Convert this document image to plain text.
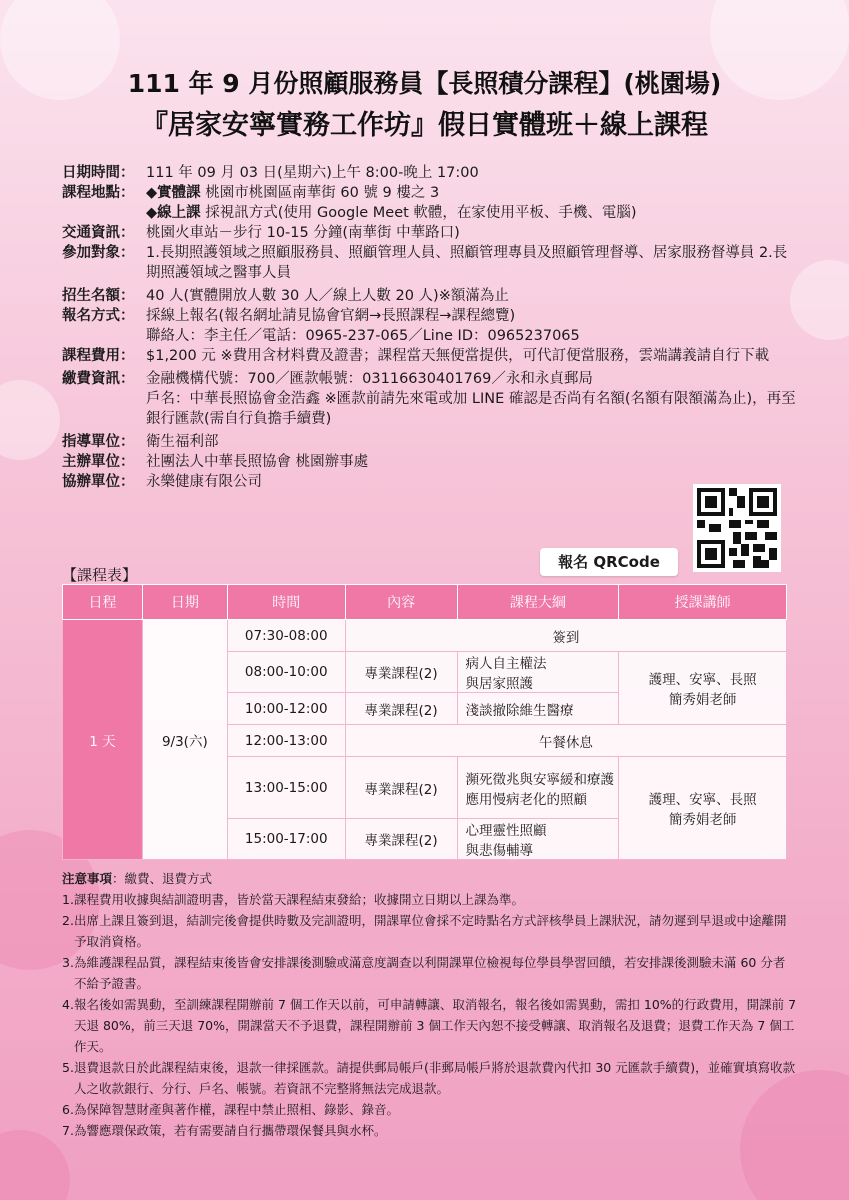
111 年 9 月份照顧服務員【長照積分課程】(桃園場)
『居家安寧實務工作坊』假日實體班＋線上課程
日期時間： 111 年 09 月 03 日(星期六)上午 8:00-晚上 17:00
課程地點： ◆實體課 桃園市桃園區南華街 60 號 9 樓之 3
◆線上課 採視訊方式(使用 Google Meet 軟體，在家使用平板、手機、電腦)
交通資訊： 桃園火車站－步行 10-15 分鐘(南華街 中華路口)
參加對象： 1.長期照護領域之照顧服務員、照顧管理人員、照顧管理專員及照顧管理督導、居家服務督導員 2.長期照護領域之醫事人員
招生名額： 40 人(實體開放人數 30 人／線上人數 20 人)※額滿為止
報名方式： 採線上報名(報名網址請見協會官網→長照課程→課程總覽)
聯絡人：李主任／電話：0965-237-065／Line ID：0965237065
課程費用： $1,200 元 ※費用含材料費及證書；課程當天無便當提供，可代訂便當服務，雲端講義請自行下載
繳費資訊： 金融機構代號：700／匯款帳號：03116630401769／永和永貞郵局
戶名：中華長照協會金浩鑫 ※匯款前請先來電或加 LINE 確認是否尚有名額(名額有限額滿為止)，再至銀行匯款(需自行負擔手續費)
指導單位： 衛生福利部
主辦單位： 社團法人中華長照協會 桃園辦事處
協辦單位： 永樂健康有限公司
報名 QRCode
【課程表】
日程	日期	時間	內容	課程大綱	授課講師
1 天	9/3(六)	07:30-08:00	簽到		
		08:00-10:00	專業課程(2)	病人自主權法
與居家照護	護理、安寧、長照
簡秀娟老師
		10:00-12:00	專業課程(2)	淺談撤除維生醫療	
		12:00-13:00	午餐休息		
		13:00-15:00	專業課程(2)	瀕死徵兆與安寧緩和療護應用慢病老化的照顧	護理、安寧、長照
簡秀娟老師
		15:00-17:00	專業課程(2)	心理靈性照顧
與悲傷輔導	
注意事項：繳費、退費方式
1. 課程費用收據與結訓證明書，皆於當天課程結束發給；收據開立日期以上課為準。
2. 出席上課且簽到退，結訓完後會提供時數及完訓證明，開課單位會採不定時點名方式評核學員上課狀況，請勿遲到早退或中途離開予取消資格。
3. 為維護課程品質，課程結束後皆會安排課後測驗或滿意度調查以利開課單位檢視每位學員學習回饋，若安排課後測驗未滿 60 分者不給予證書。
4. 報名後如需異動，至訓練課程開辦前 7 個工作天以前，可申請轉讓、取消報名，報名後如需異動，需扣 10%的行政費用，開課前 7 天退 80%，前三天退 70%，開課當天不予退費，課程開辦前 3 個工作天內恕不接受轉讓、取消報名及退費；退費工作天為 7 個工作天。
5. 退費退款日於此課程結束後，退款一律採匯款。請提供郵局帳戶(非郵局帳戶將於退款費內代扣 30 元匯款手續費)，並確實填寫收款人之收款銀行、分行、戶名、帳號。若資訊不完整將無法完成退款。
6. 為保障智慧財產與著作權，課程中禁止照相、錄影、錄音。
7. 為響應環保政策，若有需要請自行攜帶環保餐具與水杯。
